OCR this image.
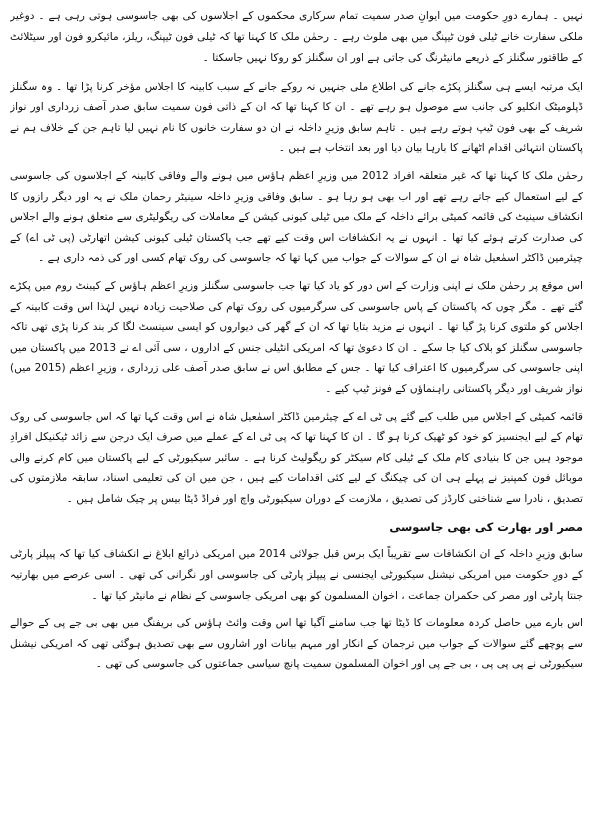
نہیں ۔ ہمارے دورِ حکومت میں ایوانِ صدر سمیت تمام سرکاری محکموں کے اجلاسوں کی بھی جاسوسی ہوتی رہی ہے ۔ دوغیر ملکی سفارت خانے ٹیلی فون ٹیپنگ میں بھی ملوث رہے ۔ رحمٰن ملک کا کہنا تھا کہ ٹیلی فون ٹیپنگ، ریلز، مائیکرو فون اور سیٹلائٹ کے طاقتور سگنلز کے ذریعے مانیٹرنگ کی جاتی ہے اور ان سگنلز کو روکا نہیں جاسکتا ۔

ایک مرتبہ ایسے ہی سگنلز پکڑے جانے کی اطلاع ملی جنہیں نہ روکے جانے کے سبب کابینہ کا اجلاس مؤخر کرنا پڑا تھا ۔ وہ سگنلز ڈپلومیٹک انکلیو کی جانب سے موصول ہو رہے تھے ۔ ان کا کہنا تھا کہ ان کے ذاتی فون سمیت سابق صدر آصف زرداری اور نواز شریف کے بھی فون ٹیپ ہوتے رہے ہیں ۔ تاہم سابق وزیرِ داخلہ نے ان دو سفارت خانوں کا نام نہیں لیا تاہم جن کے خلاف ہم نے پاکستان انتہائی اقدام اٹھانے کا بارہا بیان دیا اور بعد انتخاب ہے ہیں ۔

رحمٰن ملک کا کہنا تھا کہ غیر متعلقہ افراد 2012 میں وزیرِ اعظم ہاؤس میں ہونے والے وفاقی کابینہ کے اجلاسوں کی جاسوسی کے لیے استعمال کیے جاتے رہے تھے اور اب بھی ہو رہا ہو ۔ سابق وفاقی وزیرِ داخلہ سینیٹر رحمان ملک نے یہ اور دیگر رازوں کا انکشاف سینیٹ کی قائمہ کمیٹی برائے داخلہ کے ملک میں ٹیلی کیونی کیشن کے معاملات کی ریگولیٹری سے متعلق ہونے والے اجلاس کی صدارت کرتے ہوئے کیا تھا ۔ انہوں نے یہ انکشافات اس وقت کیے تھے جب پاکستان ٹیلی کیونی کیشن اتھارٹی (پی ٹی اے) کے چیئرمین ڈاکٹر اسمٰعیل شاہ نے ان کے سوالات کے جواب میں کہا تھا کہ جاسوسی کی روک تھام کسی اور کی ذمہ داری ہے ۔

اس موقع پر رحمٰن ملک نے اپنی وزارت کے اس دور کو یاد کیا تھا جب جاسوسی سگنلز وزیرِ اعظم ہاؤس کے کیبنٹ روم میں پکڑے گئے تھے ۔ مگر چوں کہ پاکستان کے پاس جاسوسی کی سرگرمیوں کی روک تھام کی صلاحیت زیادہ نہیں لہٰذا اس وقت کابینہ کے اجلاس کو ملتوی کرنا پڑ گیا تھا ۔ انہوں نے مزید بتایا تھا کہ ان کے گھر کی دیواروں کو ایسی سینسٹ لگا کر بند کرنا پڑی تھی تاکہ جاسوسی سگنلز کو بلاک کیا جا سکے ۔ ان کا دعویٰ تھا کہ امریکی انٹیلی جنس کے اداروں ، سی آئی اے نے 2013 میں پاکستان میں اپنی جاسوسی کی سرگرمیوں کا اعتراف کیا تھا ۔ جس کے مطابق اس نے سابق صدر آصف علی زرداری ، وزیرِ اعظم (2015 میں) نواز شریف اور دیگر پاکستانی راہنماؤں کے فونز ٹیپ کیے ۔

قائمہ کمیٹی کے اجلاس میں طلب کیے گئے پی ٹی اے کے چیئرمین ڈاکٹر اسمٰعیل شاہ نے اس وقت کہا تھا کہ اس جاسوسی کی روک تھام کے لیے ایجنسیز کو خود کو ٹھیک کرنا ہو گا ۔ ان کا کہنا تھا کہ پی ٹی اے کے عملے میں صرف ایک درجن سے زائد ٹیکنیکل افرادِ موجود ہیں جن کا بنیادی کام ملک کے ٹیلی کام سیکٹر کو ریگولیٹ کرنا ہے ۔ سائبر سیکیورٹی کے لیے پاکستان میں کام کرنے والی موبائل فون کمپنیز نے پہلے ہی ان کی چیکنگ کے لیے کئی اقدامات کیے ہیں ، جن میں ان کی تعلیمی اسناد، سابقہ ملازمتوں کی تصدیق ، نادرا سے شناختی کارڈز کی تصدیق ، ملازمت کے دوران سیکیورٹی واچ اور فراڈ ڈیٹا بیس پر چیک شامل ہیں ۔

مصر اور بھارت کی بھی جاسوسی

سابق وزیرِ داخلہ کے ان انکشافات سے تقریباً ایک برس قبل جولائی 2014 میں امریکی ذرائع ابلاغ نے انکشاف کیا تھا کہ پیپلز پارٹی کے دورِ حکومت میں امریکی نیشنل سیکیورٹی ایجنسی نے پیپلز پارٹی کی جاسوسی اور نگرانی کی تھی ۔ اسی عرصے میں بھارتیہ جنتا پارٹی اور مصر کی حکمران جماعت ، اخوان المسلمون کو بھی امریکی جاسوسی کے نظام نے مانیٹر کیا تھا ۔

اس بارے میں حاصل کردہ معلومات کا ڈیٹا تھا جب سامنے آگیا تھا اس وقت وائٹ ہاؤس کی بریفنگ میں بھی بی جے پی کے حوالے سے پوچھے گئے سوالات کے جواب میں ترجمان کے انکار اور مبہم بیانات اور اشاروں سے بھی تصدیق ہوگئی تھی کہ امریکی نیشنل سیکیورٹی نے پی پی پی ، بی جے پی اور اخوان المسلمون سمیت پانچ سیاسی جماعتوں کی جاسوسی کی تھی ۔
